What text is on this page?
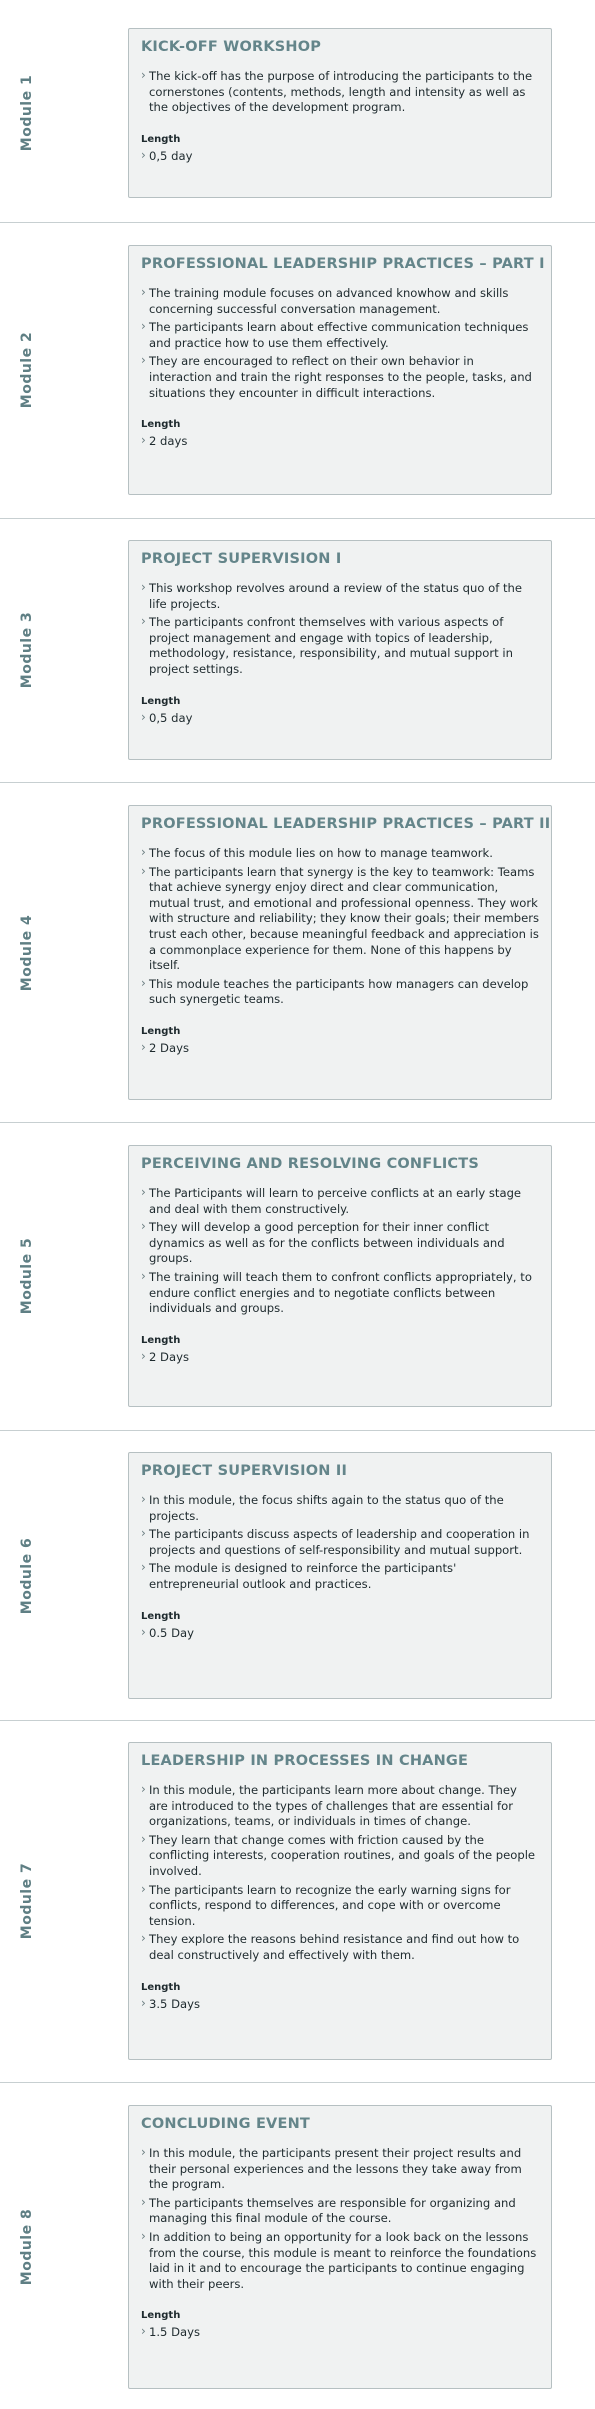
Module 1
KICK-OFF WORKSHOP
› The kick-off has the purpose of introducing the participants to the cornerstones (contents, methods, length and intensity as well as the objectives of the development program.
Length
› 0,5 day
Module 2
PROFESSIONAL LEADERSHIP PRACTICES – PART I
› The training module focuses on advanced knowhow and skills concerning successful conversation management.
› The participants learn about effective communication techniques and practice how to use them effectively.
› They are encouraged to reflect on their own behavior in interaction and train the right responses to the people, tasks, and situations they encounter in difficult interactions.
Length
› 2 days
Module 3
PROJECT SUPERVISION I
› This workshop revolves around a review of the status quo of the life projects.
› The participants confront themselves with various aspects of project management and engage with topics of leadership, methodology, resistance, responsibility, and mutual support in project settings.
Length
› 0,5 day
Module 4
PROFESSIONAL LEADERSHIP PRACTICES – PART II
› The focus of this module lies on how to manage teamwork.
› The participants learn that synergy is the key to teamwork: Teams that achieve synergy enjoy direct and clear communication, mutual trust, and emotional and professional openness. They work with structure and reliability; they know their goals; their members trust each other, because meaningful feedback and appreciation is a commonplace experience for them. None of this happens by itself.
› This module teaches the participants how managers can develop such synergetic teams.
Length
› 2 Days
Module 5
PERCEIVING AND RESOLVING CONFLICTS
› The Participants will learn to perceive conflicts at an early stage and deal with them constructively.
› They will develop a good perception for their inner conflict dynamics as well as for the conflicts between individuals and groups.
› The training will teach them to confront conflicts appropriately, to endure conflict energies and to negotiate conflicts between individuals and groups.
Length
› 2 Days
Module 6
PROJECT SUPERVISION II
› In this module, the focus shifts again to the status quo of the projects.
› The participants discuss aspects of leadership and cooperation in projects and questions of self-responsibility and mutual support.
› The module is designed to reinforce the participants' entrepreneurial outlook and practices.
Length
› 0.5 Day
Module 7
LEADERSHIP IN PROCESSES IN CHANGE
› In this module, the participants learn more about change. They are introduced to the types of challenges that are essential for organizations, teams, or individuals in times of change.
› They learn that change comes with friction caused by the conflicting interests, cooperation routines, and goals of the people involved.
› The participants learn to recognize the early warning signs for conflicts, respond to differences, and cope with or overcome tension.
› They explore the reasons behind resistance and find out how to deal constructively and effectively with them.
Length
› 3.5 Days
Module 8
CONCLUDING EVENT
› In this module, the participants present their project results and their personal experiences and the lessons they take away from the program.
› The participants themselves are responsible for organizing and managing this final module of the course.
› In addition to being an opportunity for a look back on the lessons from the course, this module is meant to reinforce the foundations laid in it and to encourage the participants to continue engaging with their peers.
Length
› 1.5 Days
